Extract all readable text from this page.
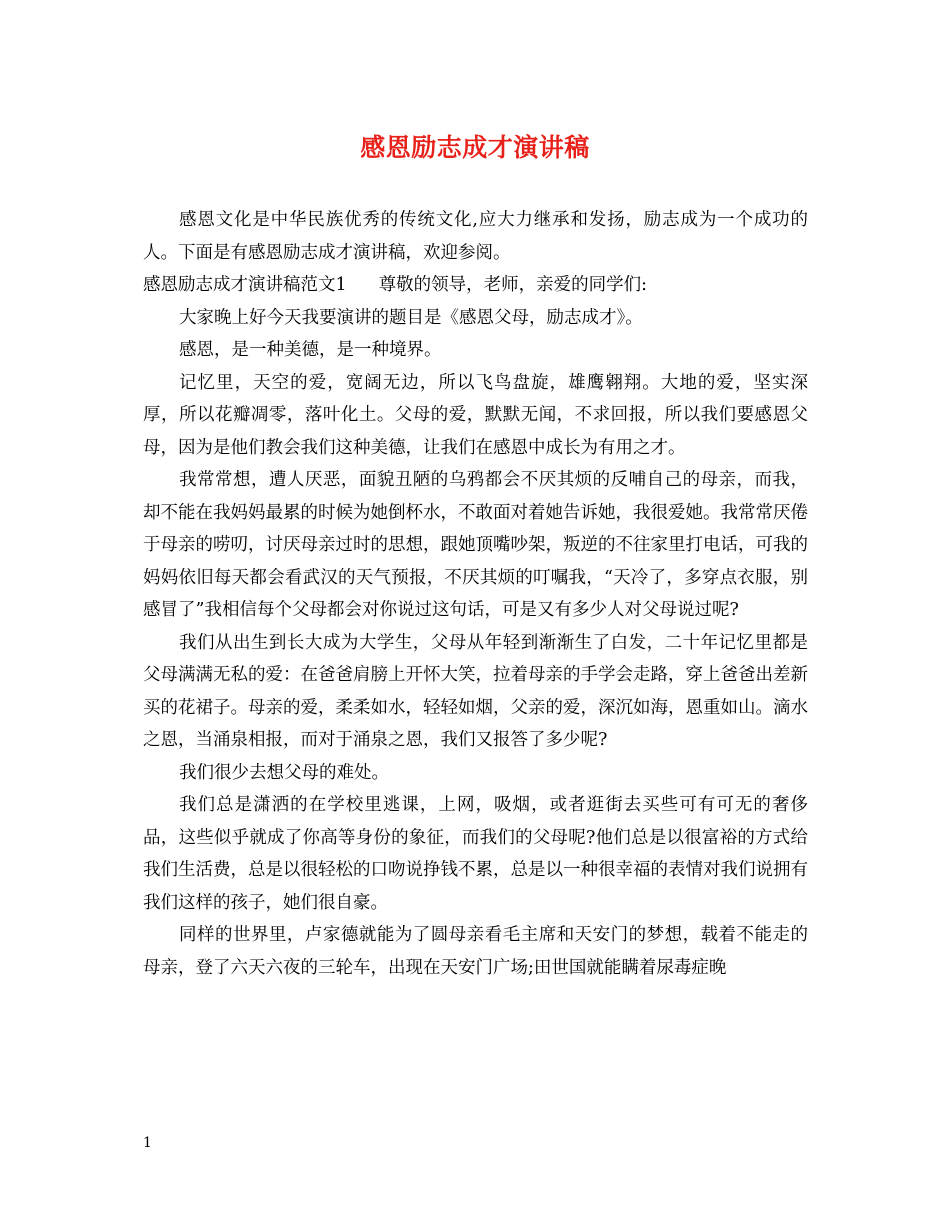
感恩励志成才演讲稿

感恩文化是中华民族优秀的传统文化,应大力继承和发扬，励志成为一个成功的人。下面是有感恩励志成才演讲稿，欢迎参阅。

感恩励志成才演讲稿范文1 尊敬的领导，老师，亲爱的同学们:

大家晚上好今天我要演讲的题目是《感恩父母，励志成才》。

感恩，是一种美德，是一种境界。

记忆里，天空的爱，宽阔无边，所以飞鸟盘旋，雄鹰翱翔。大地的爱，坚实深厚，所以花瓣凋零，落叶化土。父母的爱，默默无闻，不求回报，所以我们要感恩父母，因为是他们教会我们这种美德，让我们在感恩中成长为有用之才。

我常常想，遭人厌恶，面貌丑陋的乌鸦都会不厌其烦的反哺自己的母亲，而我，却不能在我妈妈最累的时候为她倒杯水，不敢面对着她告诉她，我很爱她。我常常厌倦于母亲的唠叨，讨厌母亲过时的思想，跟她顶嘴吵架，叛逆的不往家里打电话，可我的妈妈依旧每天都会看武汉的天气预报，不厌其烦的叮嘱我，“天冷了，多穿点衣服，别感冒了”我相信每个父母都会对你说过这句话，可是又有多少人对父母说过呢?

我们从出生到长大成为大学生，父母从年轻到渐渐生了白发，二十年记忆里都是父母满满无私的爱：在爸爸肩膀上开怀大笑，拉着母亲的手学会走路，穿上爸爸出差新买的花裙子。母亲的爱，柔柔如水，轻轻如烟，父亲的爱，深沉如海，恩重如山。滴水之恩，当涌泉相报，而对于涌泉之恩，我们又报答了多少呢?

我们很少去想父母的难处。

我们总是潇洒的在学校里逃课，上网，吸烟，或者逛街去买些可有可无的奢侈品，这些似乎就成了你高等身份的象征，而我们的父母呢?他们总是以很富裕的方式给我们生活费，总是以很轻松的口吻说挣钱不累，总是以一种很幸福的表情对我们说拥有我们这样的孩子，她们很自豪。

同样的世界里，卢家德就能为了圆母亲看毛主席和天安门的梦想，载着不能走的母亲，登了六天六夜的三轮车，出现在天安门广场;田世国就能瞒着尿毒症晚

1
